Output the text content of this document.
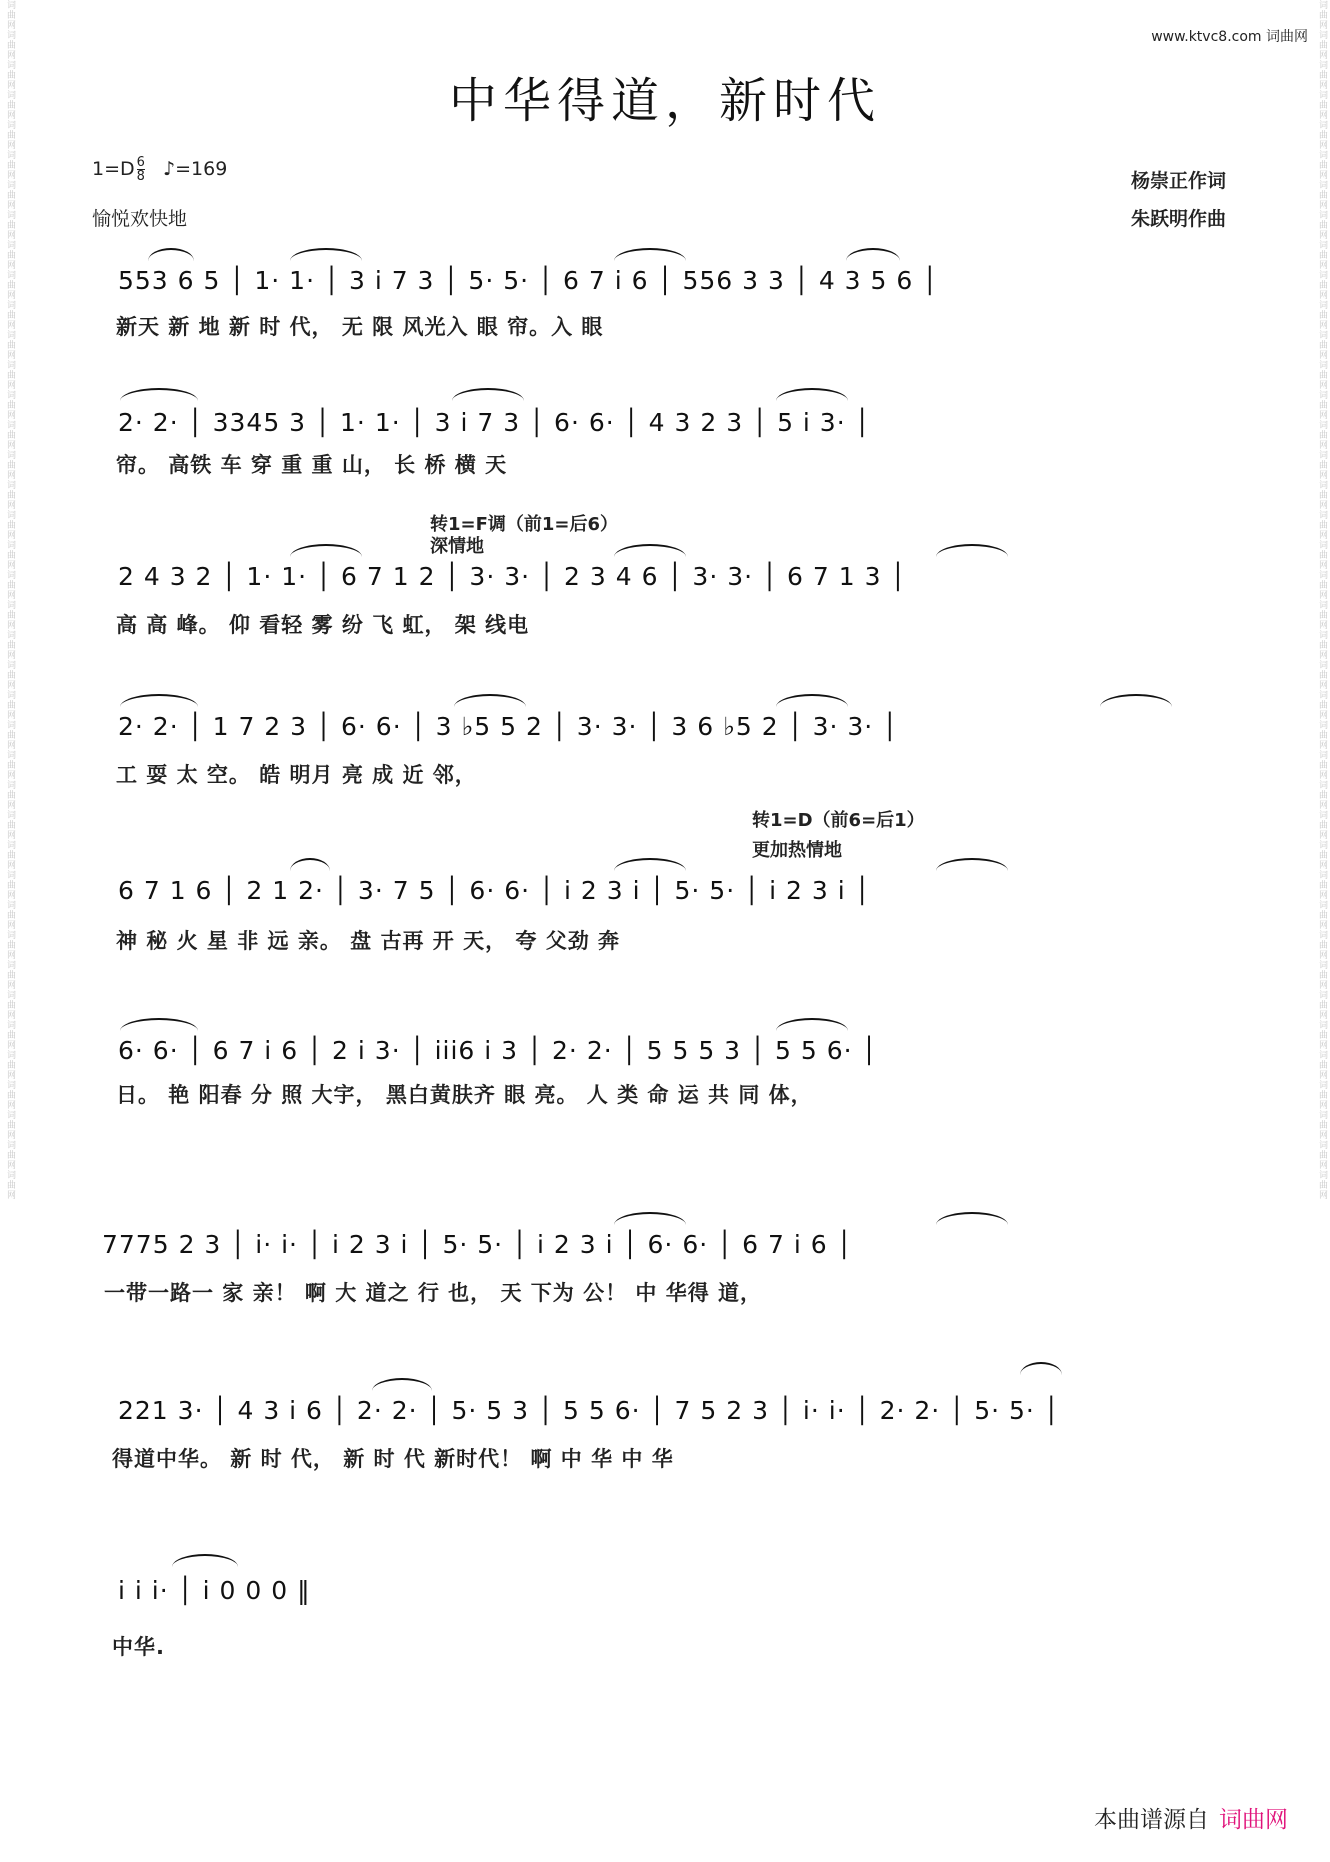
词曲网词曲网词曲网词曲网词曲网词曲网词曲网词曲网词曲网词曲网词曲网词曲网词曲网词曲网词曲网词曲网词曲网词曲网词曲网词曲网词曲网词曲网词曲网词曲网词曲网词曲网词曲网词曲网词曲网词曲网词曲网词曲网词曲网词曲网词曲网词曲网词曲网词曲网词曲网词曲网	词曲网词曲网词曲网词曲网词曲网词曲网词曲网词曲网词曲网词曲网词曲网词曲网词曲网词曲网词曲网词曲网词曲网词曲网词曲网词曲网词曲网词曲网词曲网词曲网词曲网词曲网词曲网词曲网词曲网词曲网词曲网词曲网词曲网词曲网词曲网词曲网词曲网词曲网词曲网词曲网
www.ktvc8.com 词曲网
中华得道，新时代
$1=D \frac{6}{8}$ ♪=169
愉悦欢快地
杨崇正作词
朱跃明作曲
转1=F调（前1=后6）
深情地
转1=D（前6=后1）
更加热情地
553 6 5 │ 1· 1· │ 3 i 7 3 │ 5· 5· │ 6 7 i 6 │ 556 3 3 │ 4 3 5 6 │
新天 新 地 新 时 代， 无 限 风光入 眼 帘。入 眼
2· 2· │ 3345 3 │ 1· 1· │ 3 i 7 3 │ 6· 6· │ 4 3 2 3 │ 5 i 3· │
帘。 高铁 车 穿 重 重 山， 长 桥 横 天
2 4 3 2 │ 1· 1· │ 6 7 1 2 │ 3· 3· │ 2 3 4 6 │ 3· 3· │ 6 7 1 3 │
高 高 峰。 仰 看轻 雾 纷 飞 虹， 架 线电
2· 2· │ 1 7 2 3 │ 6· 6· │ 3 ♭5 5 2 │ 3· 3· │ 3 6 ♭5 2 │ 3· 3· │
工 耍 太 空。 皓 明月 亮 成 近 邻，
6 7 1 6 │ 2 1 2· │ 3· 7 5 │ 6· 6· │ i 2 3 i │ 5· 5· │ i 2 3 i │
神 秘 火 星 非 远 亲。 盘 古再 开 天， 夸 父劲 奔
6· 6· │ 6 7 i 6 │ 2 i 3· │ iii6 i 3 │ 2· 2· │ 5 5 5 3 │ 5 5 6· │
日。 艳 阳春 分 照 大宇， 黑白黄肤齐 眼 亮。 人 类 命 运 共 同 体，
7775 2 3 │ i· i· │ i 2 3 i │ 5· 5· │ i 2 3 i │ 6· 6· │ 6 7 i 6 │
一带一路一 家 亲！ 啊 大 道之 行 也， 天 下为 公！ 中 华得 道，
221 3· │ 4 3 i 6 │ 2· 2· │ 5· 5 3 │ 5 5 6· │ 7 5 2 3 │ i· i· │ 2· 2· │ 5· 5· │
得道中华。 新 时 代， 新 时 代 新时代！ 啊 中 华 中 华
i i i· │ i 0 0 0 ‖
中华.
本曲谱源自 词曲网
